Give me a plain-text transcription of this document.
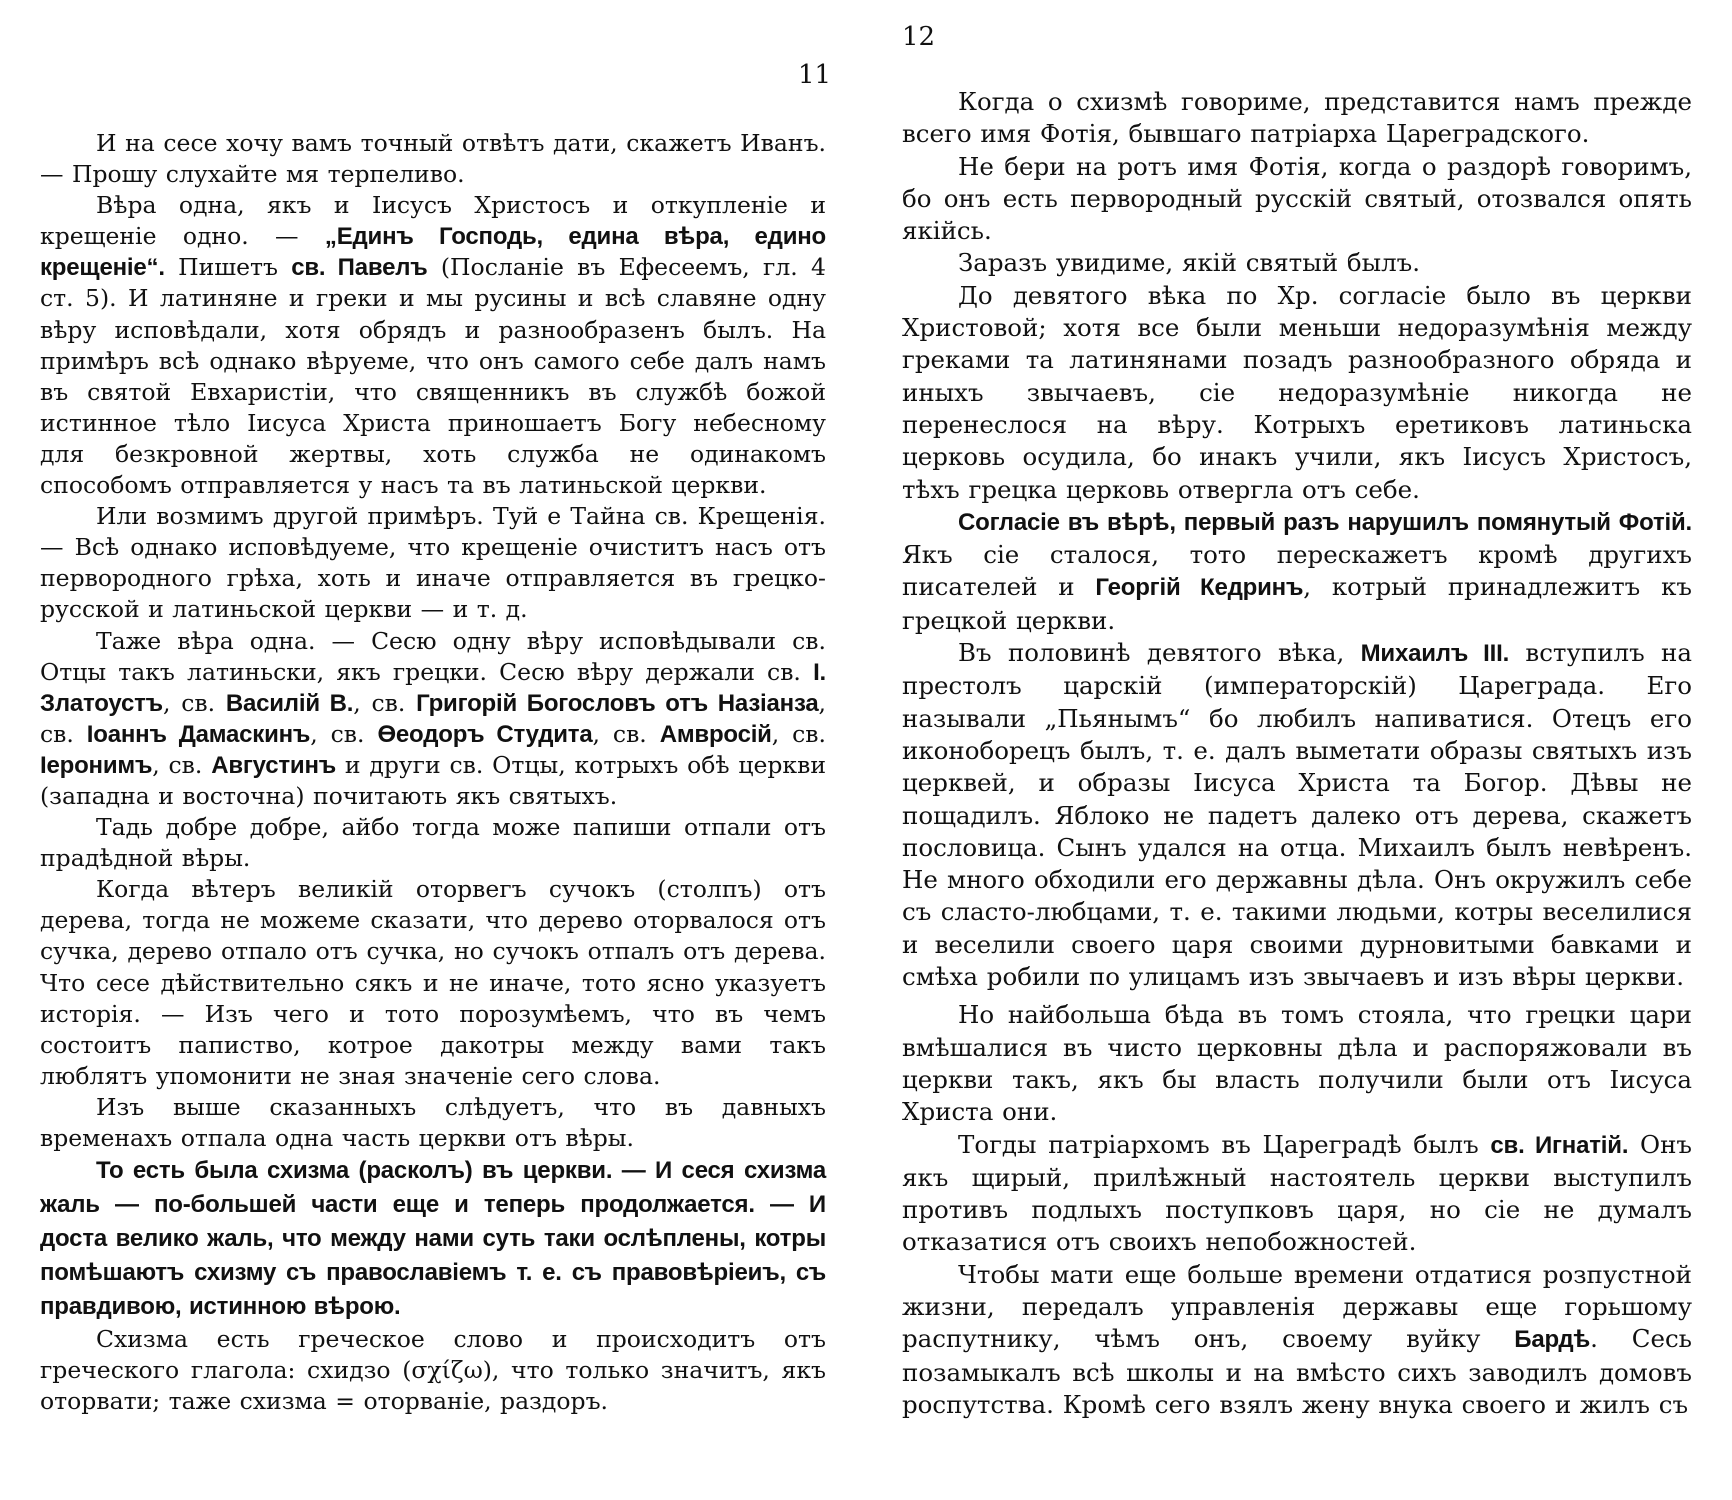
11

И на сесе хочу вамъ точный отвѣтъ дати, скажетъ Иванъ. — Прошу слухайте мя терпеливо.

Вѣра одна, якъ и Iисусъ Христосъ и откупленіе и крещеніе одно. — „Единъ Господь, едина вѣра, едино крещеніе“. Пишетъ св. Павелъ (Посланіе въ Ефесеемъ, гл. 4 ст. 5). И латиняне и греки и мы русины и всѣ славяне одну вѣру исповѣдали, хотя обрядъ и разнообразенъ былъ. На примѣръ всѣ однако вѣруеме, что онъ самого себе далъ намъ въ святой Евхаристіи, что священникъ въ службѣ божой истинное тѣло Iисуса Христа приношаетъ Богу небесному для безкровной жертвы, хоть служба не одинакомъ способомъ отправляется у насъ та въ латиньской церкви.

Или возмимъ другой примѣръ. Туй е Тайна св. Крещенія. — Всѣ однако исповѣдуеме, что крещеніе очиститъ насъ отъ первородного грѣха, хоть и иначе отправляется въ грецко-русской и латиньской церкви — и т. д.

Таже вѣра одна. — Сесю одну вѣру исповѣдывали св. Отцы такъ латиньски, якъ грецки. Сесю вѣру держали св. I. Златоустъ, св. Василій В., св. Григорій Богословъ отъ Назіанза, св. Iоаннъ Дамаскинъ, св. Өеодоръ Студита, св. Амвросій, св. Iеронимъ, св. Августинъ и други св. Отцы, котрыхъ обѣ церкви (западна и восточна) почитають якъ святыхъ.

Тадь добре добре, айбо тогда може папиши отпали отъ прадѣдной вѣры.

Когда вѣтеръ великій оторвегъ сучокъ (столпъ) отъ дерева, тогда не можеме сказати, что дерево оторвалося отъ сучка, дерево отпало отъ сучка, но сучокъ отпалъ отъ дерева. Что сесе дѣйствительно сякъ и не иначе, тото ясно указуетъ исторія. — Изъ чего и тото порозумѣемъ, что въ чемъ состоитъ папиство, котрое дакотры между вами такъ люблятъ упомонити не зная значеніе сего слова.

Изъ выше сказанныхъ слѣдуетъ, что въ давныхъ временахъ отпала одна часть церкви отъ вѣры.

То есть была схизма (расколъ) въ церкви. — И сеся схизма жаль — по-большей части еще и теперь продолжается. — И доста велико жаль, что между нами суть таки ослѣплены, котры помѣшаютъ схизму съ православіемъ т. е. съ правовѣріеиъ, съ правдивою, истинною вѣрою.

Схизма есть греческое слово и происходитъ отъ греческого глагола: схидзо (σχίζω), что только значитъ, якъ оторвати; таже схизма = оторваніе, раздоръ.

12

Когда о схизмѣ говориме, представится намъ прежде всего имя Фотія, бывшаго патріарха Цареградского.

Не бери на ротъ имя Фотія, когда о раздорѣ говоримъ, бо онъ есть первородный русскій святый, отозвался опять якійсь.

Заразъ увидиме, якій святый былъ.

До девятого вѣка по Хр. согласіе было въ церкви Христовой; хотя все были меньши недоразумѣнія между греками та латинянами позадъ разнообразного обряда и иныхъ звычаевъ, сіе недоразумѣніе никогда не перенеслося на вѣру. Котрыхъ еретиковъ латиньска церковь осудила, бо инакъ учили, якъ Iисусъ Христосъ, тѣхъ грецка церковь отвергла отъ себе.

Согласіе въ вѣрѣ, первый разъ нарушилъ помянутый Фотій. Якъ сіе сталося, тото перескажетъ кромѣ другихъ писателей и Георгій Кедринъ, котрый принадлежитъ къ грецкой церкви.

Въ половинѣ девятого вѣка, Михаилъ III. вступилъ на престолъ царскій (императорскій) Цареграда. Его называли „Пьянымъ“ бо любилъ напиватися. Отецъ его иконоборецъ былъ, т. е. далъ выметати образы святыхъ изъ церквей, и образы Iисуса Христа та Богор. Дѣвы не пощадилъ. Яблоко не падетъ далеко отъ дерева, скажетъ пословица. Сынъ удался на отца. Михаилъ былъ невѣренъ. Не много обходили его державны дѣла. Онъ окружилъ себе съ сласто-любцами, т. е. такими людьми, котры веселилися и веселили своего царя своими дурновитыми бавками и смѣха робили по улицамъ изъ звычаевъ и изъ вѣры церкви.

Но найбольша бѣда въ томъ стояла, что грецки цари вмѣшалися въ чисто церковны дѣла и распоряжовали въ церкви такъ, якъ бы власть получили были отъ Iисуса Христа они.

Тогды патріархомъ въ Цареградѣ былъ св. Игнатій. Онъ якъ щирый, прилѣжный настоятель церкви выступилъ противъ подлыхъ поступковъ царя, но сіе не думалъ отказатися отъ своихъ непобожностей.

Чтобы мати еще больше времени отдатися розпустной жизни, передалъ управленія державы еще горьшому распутнику, чѣмъ онъ, своему вуйку Бардѣ. Сесь позамыкалъ всѣ школы и на вмѣсто сихъ заводилъ домовъ роспутства. Кромѣ сего взялъ жену внука своего и жилъ съ
